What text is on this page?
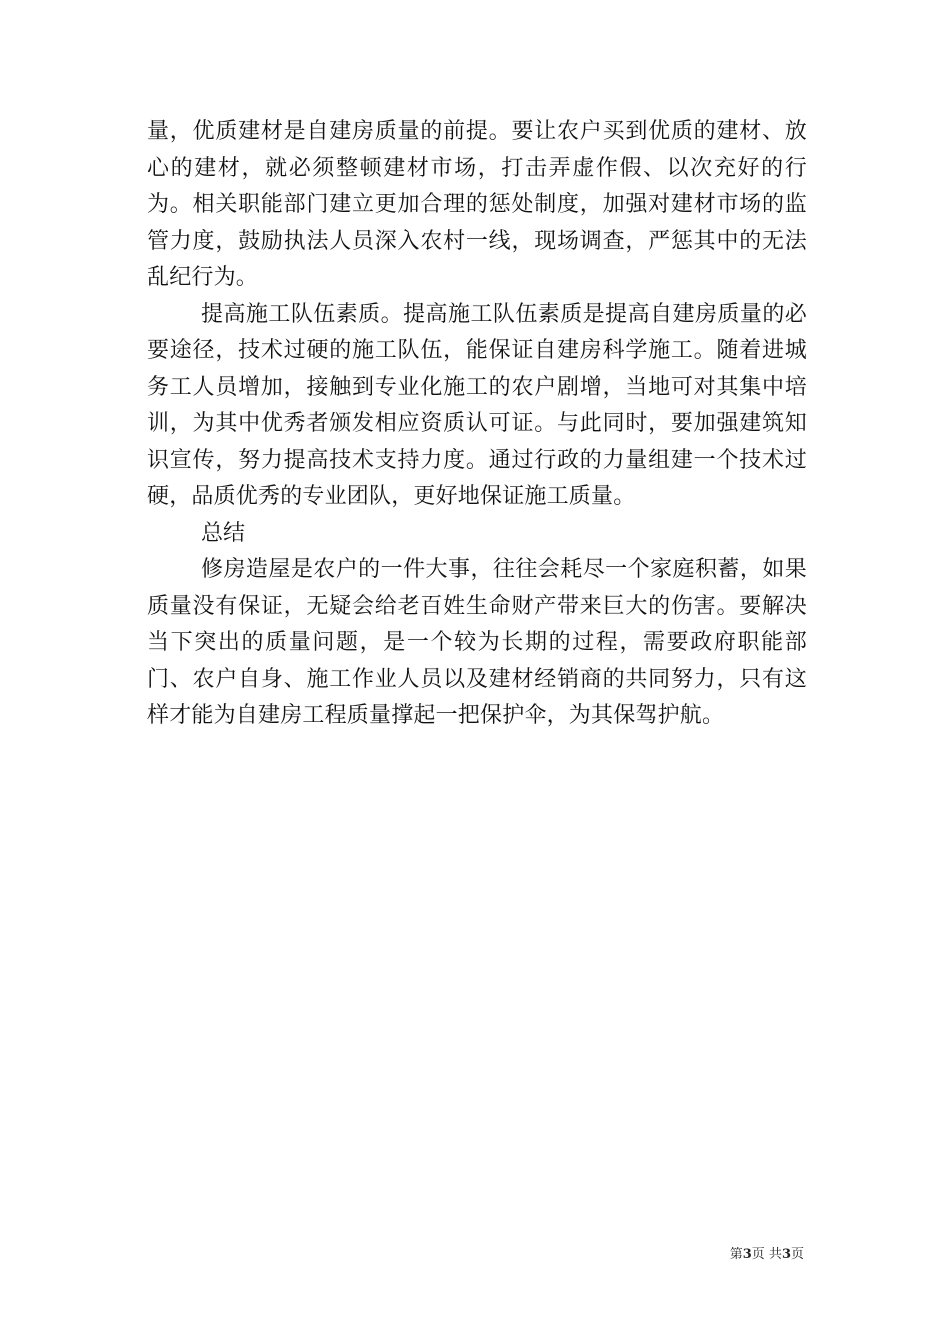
量，优质建材是自建房质量的前提。要让农户买到优质的建材、放心的建材，就必须整顿建材市场，打击弄虚作假、以次充好的行为。相关职能部门建立更加合理的惩处制度，加强对建材市场的监管力度，鼓励执法人员深入农村一线，现场调查，严惩其中的无法乱纪行为。

提高施工队伍素质。提高施工队伍素质是提高自建房质量的必要途径，技术过硬的施工队伍，能保证自建房科学施工。随着进城务工人员增加，接触到专业化施工的农户剧增，当地可对其集中培训，为其中优秀者颁发相应资质认可证。与此同时，要加强建筑知识宣传，努力提高技术支持力度。通过行政的力量组建一个技术过硬，品质优秀的专业团队，更好地保证施工质量。

总结

修房造屋是农户的一件大事，往往会耗尽一个家庭积蓄，如果质量没有保证，无疑会给老百姓生命财产带来巨大的伤害。要解决当下突出的质量问题，是一个较为长期的过程，需要政府职能部门、农户自身、施工作业人员以及建材经销商的共同努力，只有这样才能为自建房工程质量撑起一把保护伞，为其保驾护航。

第3页 共3页
